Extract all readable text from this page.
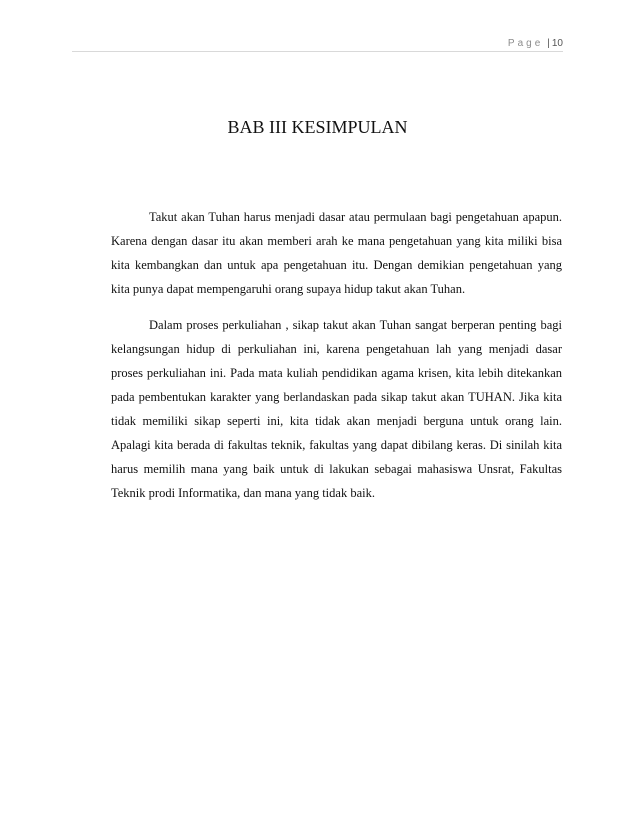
Page | 10
BAB III KESIMPULAN

Takut akan Tuhan harus menjadi dasar atau permulaan bagi pengetahuan apapun. Karena dengan dasar itu akan memberi arah ke mana pengetahuan yang kita miliki bisa kita kembangkan dan untuk apa pengetahuan itu. Dengan demikian pengetahuan yang kita punya dapat mempengaruhi orang supaya hidup takut akan Tuhan.

Dalam proses perkuliahan , sikap takut akan Tuhan sangat berperan penting bagi kelangsungan hidup di perkuliahan ini, karena pengetahuan lah yang menjadi dasar proses perkuliahan ini. Pada mata kuliah pendidikan agama krisen, kita lebih ditekankan pada pembentukan karakter yang berlandaskan pada sikap takut akan TUHAN. Jika kita tidak memiliki sikap seperti ini, kita tidak akan menjadi berguna untuk orang lain. Apalagi kita berada di fakultas teknik, fakultas yang dapat dibilang keras. Di sinilah kita harus memilih mana yang baik untuk di lakukan sebagai mahasiswa Unsrat, Fakultas Teknik prodi Informatika, dan mana yang tidak baik.
